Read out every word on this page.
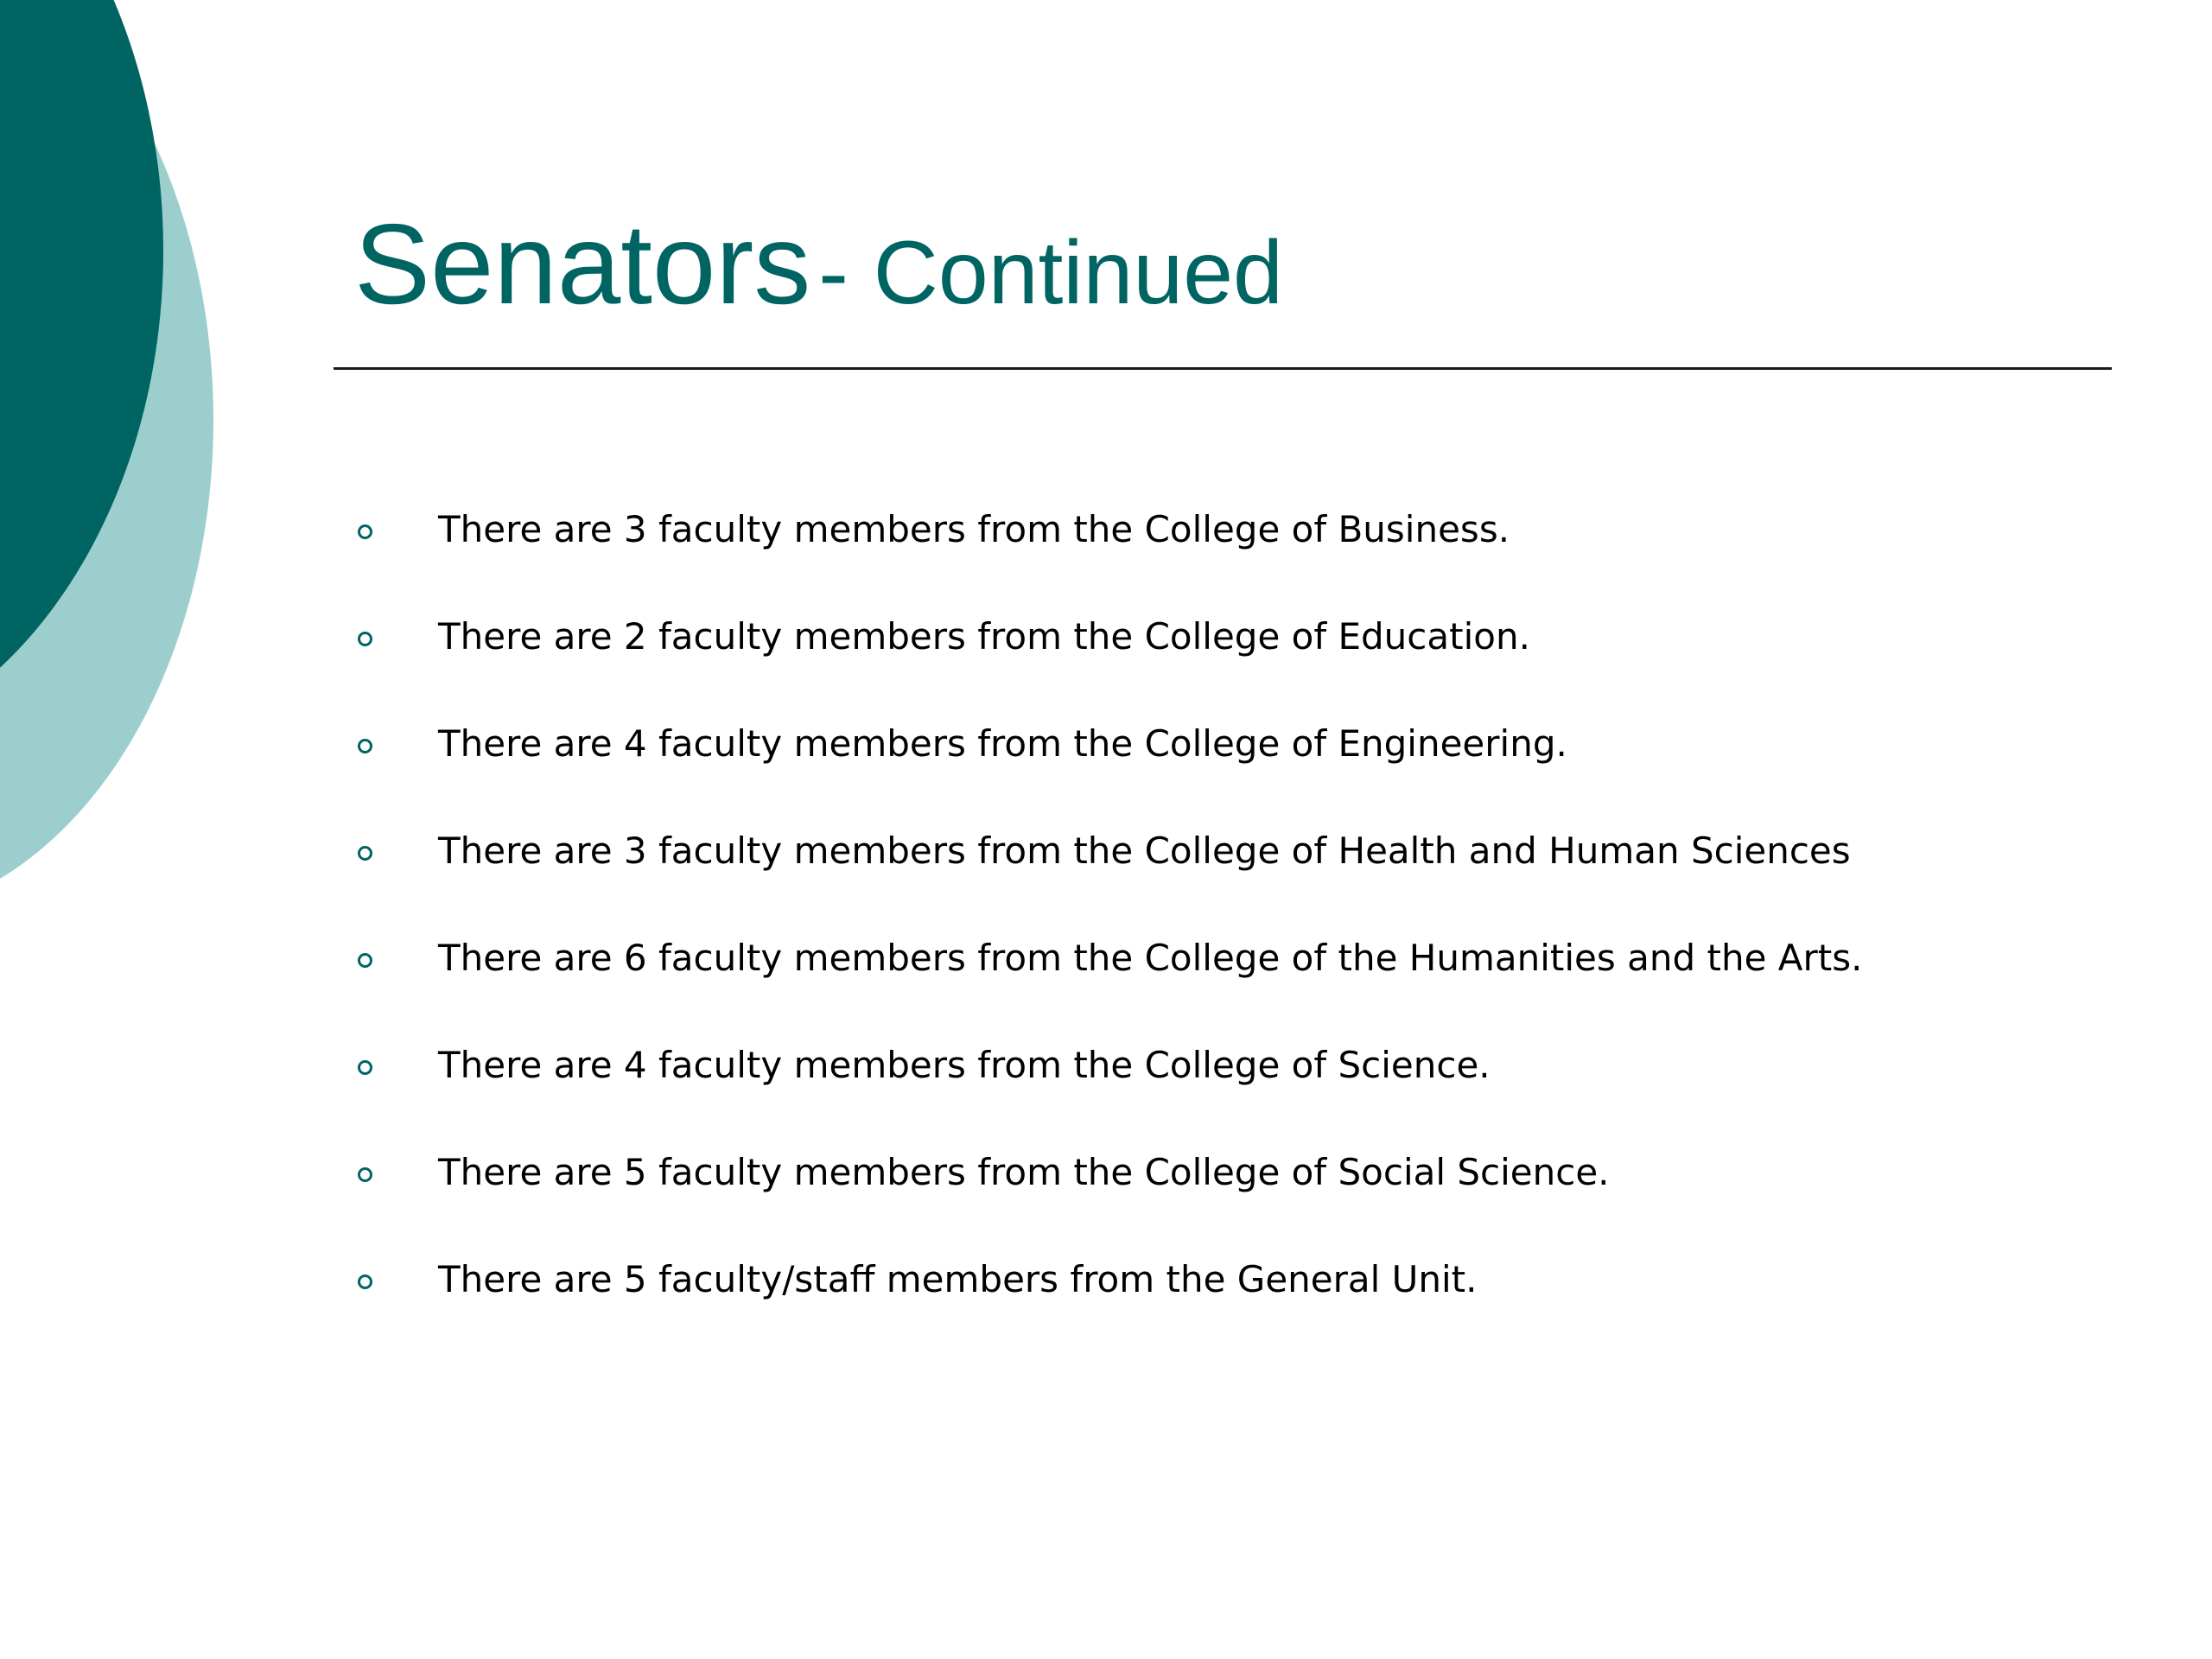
Senators - Continued
There are 3 faculty members from the College of Business.
There are 2 faculty members from the College of Education.
There are 4 faculty members from the College of Engineering.
There are 3 faculty members from the College of Health and Human Sciences
There are 6 faculty members from the College of the Humanities and the Arts.
There are 4 faculty members from the College of Science.
There are 5 faculty members from the College of Social Science.
There are 5 faculty/staff members from the General Unit.
